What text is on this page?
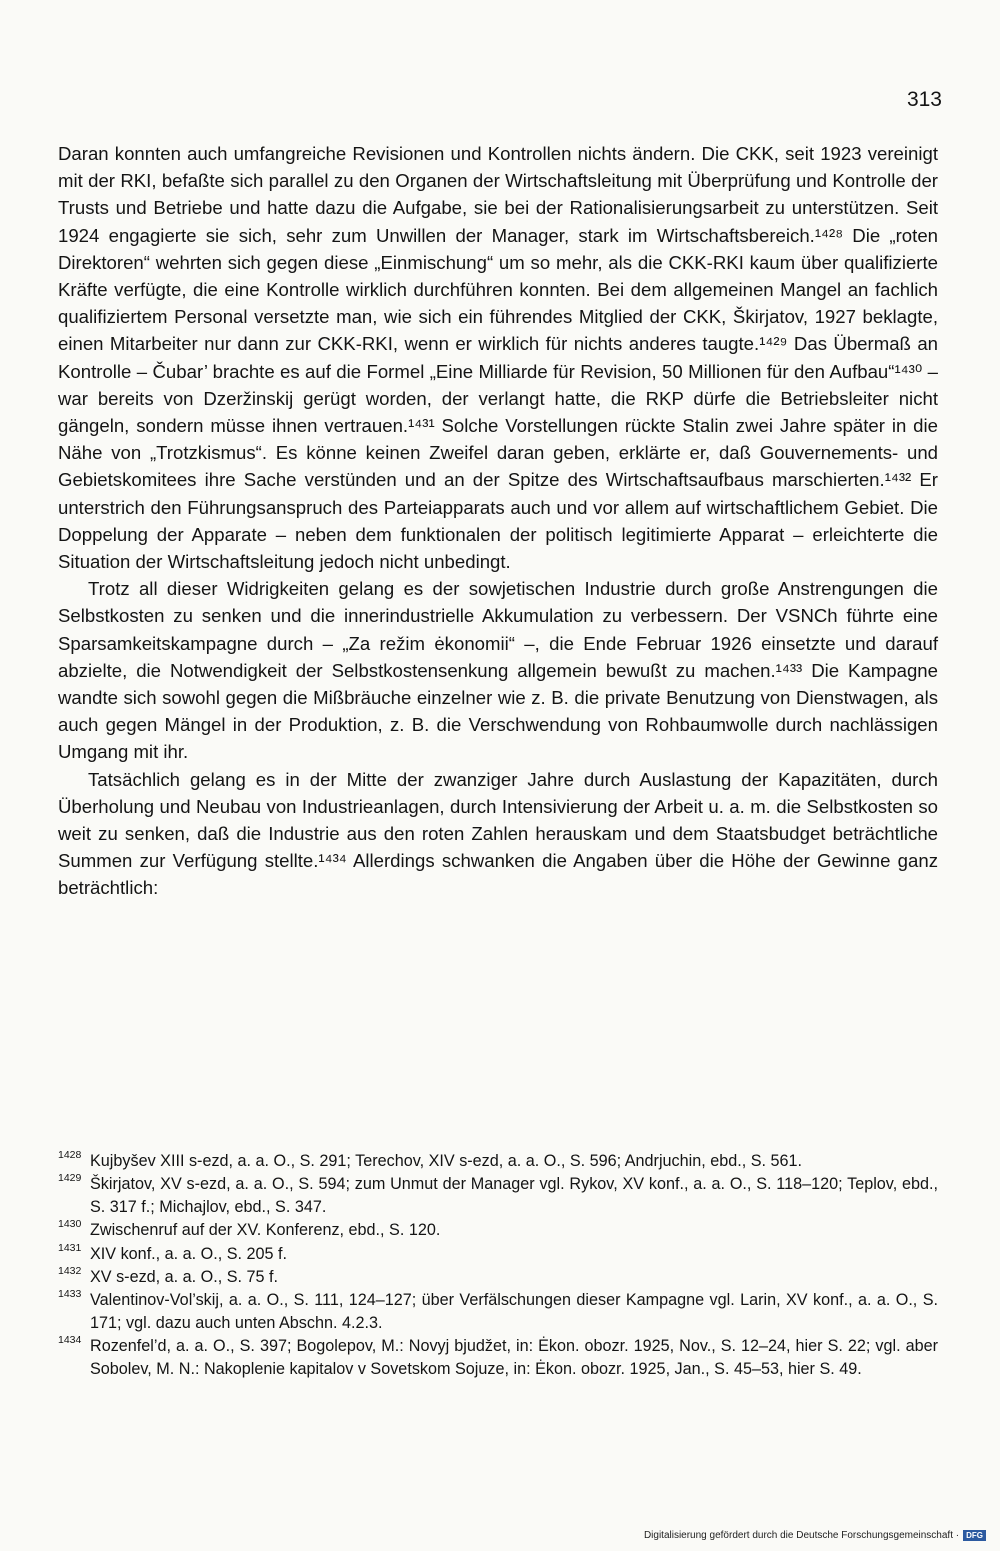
313

Daran konnten auch umfangreiche Revisionen und Kontrollen nichts ändern. Die CKK, seit 1923 vereinigt mit der RKI, befaßte sich parallel zu den Organen der Wirtschaftsleitung mit Überprüfung und Kontrolle der Trusts und Betriebe und hatte dazu die Aufgabe, sie bei der Rationalisierungsarbeit zu unterstützen. Seit 1924 engagierte sie sich, sehr zum Unwillen der Manager, stark im Wirtschaftsbereich.¹⁴²⁸ Die „roten Direktoren“ wehrten sich gegen diese „Einmischung“ um so mehr, als die CKK-RKI kaum über qualifizierte Kräfte verfügte, die eine Kontrolle wirklich durchführen konnten. Bei dem allgemeinen Mangel an fachlich qualifiziertem Personal versetzte man, wie sich ein führendes Mitglied der CKK, Škirjatov, 1927 beklagte, einen Mitarbeiter nur dann zur CKK-RKI, wenn er wirklich für nichts anderes taugte.¹⁴²⁹ Das Übermaß an Kontrolle – Čubar’ brachte es auf die Formel „Eine Milliarde für Revision, 50 Millionen für den Aufbau“¹⁴³⁰ – war bereits von Dzeržinskij gerügt worden, der verlangt hatte, die RKP dürfe die Betriebsleiter nicht gängeln, sondern müsse ihnen vertrauen.¹⁴³¹ Solche Vorstellungen rückte Stalin zwei Jahre später in die Nähe von „Trotzkismus“. Es könne keinen Zweifel daran geben, erklärte er, daß Gouvernements- und Gebietskomitees ihre Sache verstünden und an der Spitze des Wirtschaftsaufbaus marschierten.¹⁴³² Er unterstrich den Führungsanspruch des Parteiapparats auch und vor allem auf wirtschaftlichem Gebiet. Die Doppelung der Apparate – neben dem funktionalen der politisch legitimierte Apparat – erleichterte die Situation der Wirtschaftsleitung jedoch nicht unbedingt.

Trotz all dieser Widrigkeiten gelang es der sowjetischen Industrie durch große Anstrengungen die Selbstkosten zu senken und die innerindustrielle Akkumulation zu verbessern. Der VSNCh führte eine Sparsamkeitskampagne durch – „Za režim ėkonomii“ –, die Ende Februar 1926 einsetzte und darauf abzielte, die Notwendigkeit der Selbstkostensenkung allgemein bewußt zu machen.¹⁴³³ Die Kampagne wandte sich sowohl gegen die Mißbräuche einzelner wie z. B. die private Benutzung von Dienstwagen, als auch gegen Mängel in der Produktion, z. B. die Verschwendung von Rohbaumwolle durch nachlässigen Umgang mit ihr.

Tatsächlich gelang es in der Mitte der zwanziger Jahre durch Auslastung der Kapazitäten, durch Überholung und Neubau von Industrieanlagen, durch Intensivierung der Arbeit u. a. m. die Selbstkosten so weit zu senken, daß die Industrie aus den roten Zahlen herauskam und dem Staatsbudget beträchtliche Summen zur Verfügung stellte.¹⁴³⁴ Allerdings schwanken die Angaben über die Höhe der Gewinne ganz beträchtlich:

1428 Kujbyšev XIII s-ezd, a. a. O., S. 291; Terechov, XIV s-ezd, a. a. O., S. 596; Andrjuchin, ebd., S. 561.
1429 Škirjatov, XV s-ezd, a. a. O., S. 594; zum Unmut der Manager vgl. Rykov, XV konf., a. a. O., S. 118–120; Teplov, ebd., S. 317 f.; Michajlov, ebd., S. 347.
1430 Zwischenruf auf der XV. Konferenz, ebd., S. 120.
1431 XIV konf., a. a. O., S. 205 f.
1432 XV s-ezd, a. a. O., S. 75 f.
1433 Valentinov-Vol’skij, a. a. O., S. 111, 124–127; über Verfälschungen dieser Kampagne vgl. Larin, XV konf., a. a. O., S. 171; vgl. dazu auch unten Abschn. 4.2.3.
1434 Rozenfel’d, a. a. O., S. 397; Bogolepov, M.: Novyj bjudžet, in: Ėkon. obozr. 1925, Nov., S. 12–24, hier S. 22; vgl. aber Sobolev, M. N.: Nakoplenie kapitalov v Sovetskom Sojuze, in: Ėkon. obozr. 1925, Jan., S. 45–53, hier S. 49.
Digitalisierung gefördert durch die Deutsche Forschungsgemeinschaft · DFG
